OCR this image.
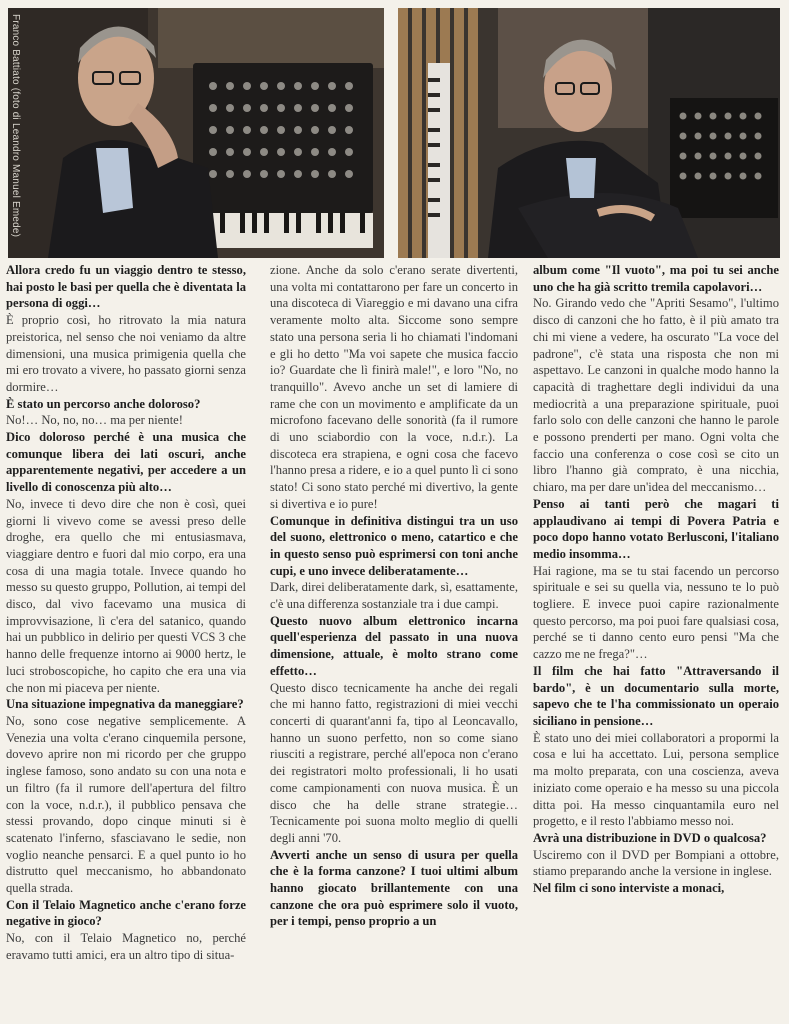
Franco Battiato (foto di Leandro Manuel Emede)

Allora credo fu un viaggio dentro te stesso, hai posto le basi per quella che è diventata la persona di oggi…

È proprio così, ho ritrovato la mia natura preistorica, nel senso che noi veniamo da altre dimensioni, una musica primigenia quella che mi ero trovato a vivere, ho passato giorni senza dormire…

È stato un percorso anche doloroso?

No!… No, no, no… ma per niente!

Dico doloroso perché è una musica che comunque libera dei lati oscuri, anche apparentemente negativi, per accedere a un livello di conoscenza più alto…

No, invece ti devo dire che non è così, quei giorni li vivevo come se avessi preso delle droghe, era quello che mi entusiasmava, viaggiare dentro e fuori dal mio corpo, era una cosa di una magia totale. Invece quando ho messo su questo gruppo, Pollution, ai tempi del disco, dal vivo facevamo una musica di improvvisazione, lì c'era del satanico, quando hai un pubblico in delirio per questi VCS 3 che hanno delle frequenze intorno ai 9000 hertz, le luci stroboscopiche, ho capito che era una via che non mi piaceva per niente.

Una situazione impegnativa da maneggiare?

No, sono cose negative semplicemente. A Venezia una volta c'erano cinquemila persone, dovevo aprire non mi ricordo per che gruppo inglese famoso, sono andato su con una nota e un filtro (fa il rumore dell'apertura del filtro con la voce, n.d.r.), il pubblico pensava che stessi provando, dopo cinque minuti si è scatenato l'inferno, sfasciavano le sedie, non voglio neanche pensarci. E a quel punto io ho distrutto quel meccanismo, ho abbandonato quella strada.

Con il Telaio Magnetico anche c'erano forze negative in gioco?

No, con il Telaio Magnetico no, perché eravamo tutti amici, era un altro tipo di situa-

zione. Anche da solo c'erano serate divertenti, una volta mi contattarono per fare un concerto in una discoteca di Viareggio e mi davano una cifra veramente molto alta. Siccome sono sempre stato una persona seria li ho chiamati l'indomani e gli ho detto "Ma voi sapete che musica faccio io? Guardate che lì finirà male!", e loro "No, no tranquillo". Avevo anche un set di lamiere di rame che con un movimento e amplificate da un microfono facevano delle sonorità (fa il rumore di uno sciabordio con la voce, n.d.r.). La discoteca era strapiena, e ogni cosa che facevo l'hanno presa a ridere, e io a quel punto lì ci sono stato! Ci sono stato perché mi divertivo, la gente si divertiva e io pure!

Comunque in definitiva distingui tra un uso del suono, elettronico o meno, catartico e che in questo senso può esprimersi con toni anche cupi, e uno invece deliberatamente…

Dark, direi deliberatamente dark, sì, esattamente, c'è una differenza sostanziale tra i due campi.

Questo nuovo album elettronico incarna quell'esperienza del passato in una nuova dimensione, attuale, è molto strano come effetto…

Questo disco tecnicamente ha anche dei regali che mi hanno fatto, registrazioni di miei vecchi concerti di quarant'anni fa, tipo al Leoncavallo, hanno un suono perfetto, non so come siano riusciti a registrare, perché all'epoca non c'erano dei registratori molto professionali, li ho usati come campionamenti con nuova musica. È un disco che ha delle strane strategie… Tecnicamente poi suona molto meglio di quelli degli anni '70.

Avverti anche un senso di usura per quella che è la forma canzone? I tuoi ultimi album hanno giocato brillantemente con una canzone che ora può esprimere solo il vuoto, per i tempi, penso proprio a un

album come "Il vuoto", ma poi tu sei anche uno che ha già scritto tremila capolavori…

No. Girando vedo che "Apriti Sesamo", l'ultimo disco di canzoni che ho fatto, è il più amato tra chi mi viene a vedere, ha oscurato "La voce del padrone", c'è stata una risposta che non mi aspettavo. Le canzoni in qualche modo hanno la capacità di traghettare degli individui da una mediocrità a una preparazione spirituale, puoi farlo solo con delle canzoni che hanno le parole e possono prenderti per mano. Ogni volta che faccio una conferenza o cose così se cito un libro l'hanno già comprato, è una nicchia, chiaro, ma per dare un'idea del meccanismo…

Penso ai tanti però che magari ti applaudivano ai tempi di Povera Patria e poco dopo hanno votato Berlusconi, l'italiano medio insomma…

Hai ragione, ma se tu stai facendo un percorso spirituale e sei su quella via, nessuno te lo può togliere. E invece puoi capire razionalmente questo percorso, ma poi puoi fare qualsiasi cosa, perché se ti danno cento euro pensi "Ma che cazzo me ne frega?"…

Il film che hai fatto "Attraversando il bardo", è un documentario sulla morte, sapevo che te l'ha commissionato un operaio siciliano in pensione…

È stato uno dei miei collaboratori a propormi la cosa e lui ha accettato. Lui, persona semplice ma molto preparata, con una coscienza, aveva iniziato come operaio e ha messo su una piccola ditta poi. Ha messo cinquantamila euro nel progetto, e il resto l'abbiamo messo noi.

Avrà una distribuzione in DVD o qualcosa?

Usciremo con il DVD per Bompiani a ottobre, stiamo preparando anche la versione in inglese.

Nel film ci sono interviste a monaci,
